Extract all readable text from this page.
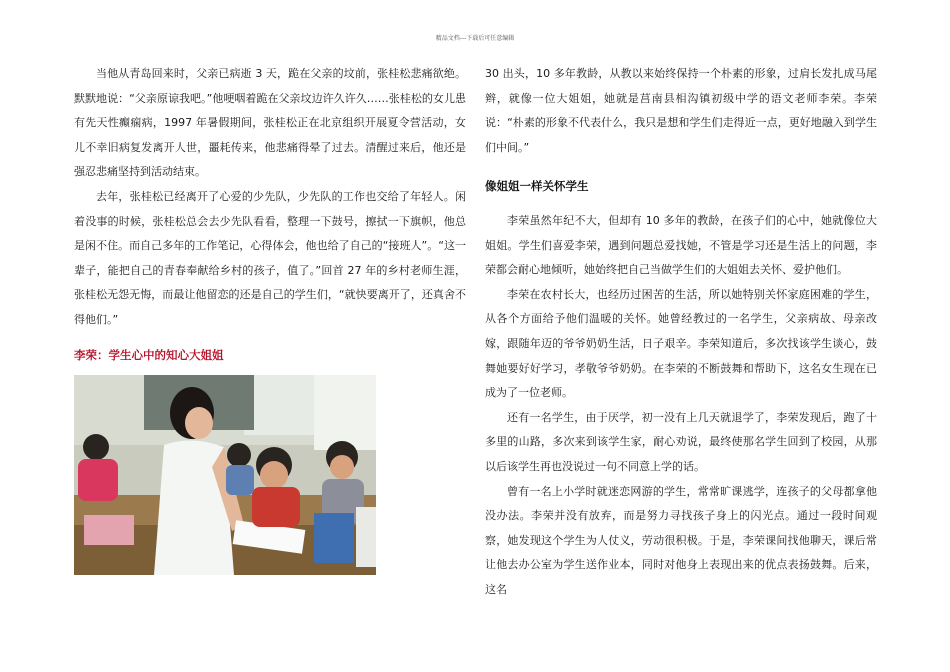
精品文档---下载后可任意编辑

当他从青岛回来时，父亲已病逝 3 天，跪在父亲的坟前，张桂松悲痛欲绝。默默地说：“父亲原谅我吧。”他哽咽着跪在父亲坟边许久许久……张桂松的女儿患有先天性癫痫病，1997 年暑假期间，张桂松正在北京组织开展夏令营活动，女儿不幸旧病复发离开人世，噩耗传来，他悲痛得晕了过去。清醒过来后，他还是强忍悲痛坚持到活动结束。

去年，张桂松已经离开了心爱的少先队，少先队的工作也交给了年轻人。闲着没事的时候，张桂松总会去少先队看看，整理一下鼓号，擦拭一下旗帜，他总是闲不住。而自己多年的工作笔记，心得体会，他也给了自己的“接班人”。“这一辈子，能把自己的青春奉献给乡村的孩子，值了。”回首 27 年的乡村老师生涯，张桂松无怨无悔，而最让他留恋的还是自己的学生们，“就快要离开了，还真舍不得他们。”

李荣：学生心中的知心大姐姐

30 出头，10 多年教龄，从教以来始终保持一个朴素的形象，过肩长发扎成马尾辫，就像一位大姐姐，她就是莒南县相沟镇初级中学的语文老师李荣。李荣说：“朴素的形象不代表什么，我只是想和学生们走得近一点，更好地融入到学生们中间。”

像姐姐一样关怀学生

李荣虽然年纪不大，但却有 10 多年的教龄，在孩子们的心中，她就像位大姐姐。学生们喜爱李荣，遇到问题总爱找她，不管是学习还是生活上的问题，李荣都会耐心地倾听，她始终把自己当做学生们的大姐姐去关怀、爱护他们。

李荣在农村长大，也经历过困苦的生活，所以她特别关怀家庭困难的学生，从各个方面给予他们温暖的关怀。她曾经教过的一名学生，父亲病故、母亲改嫁，跟随年迈的爷爷奶奶生活，日子艰辛。李荣知道后，多次找该学生谈心，鼓舞她要好好学习，孝敬爷爷奶奶。在李荣的不断鼓舞和帮助下，这名女生现在已成为了一位老师。

还有一名学生，由于厌学，初一没有上几天就退学了，李荣发现后，跑了十多里的山路，多次来到该学生家，耐心劝说，最终使那名学生回到了校园，从那以后该学生再也没说过一句不同意上学的话。

曾有一名上小学时就迷恋网游的学生，常常旷课逃学，连孩子的父母都拿他没办法。李荣并没有放弃，而是努力寻找孩子身上的闪光点。通过一段时间观察，她发现这个学生为人仗义，劳动很积极。于是，李荣课间找他聊天，课后常让他去办公室为学生送作业本，同时对他身上表现出来的优点表扬鼓舞。后来，这名
